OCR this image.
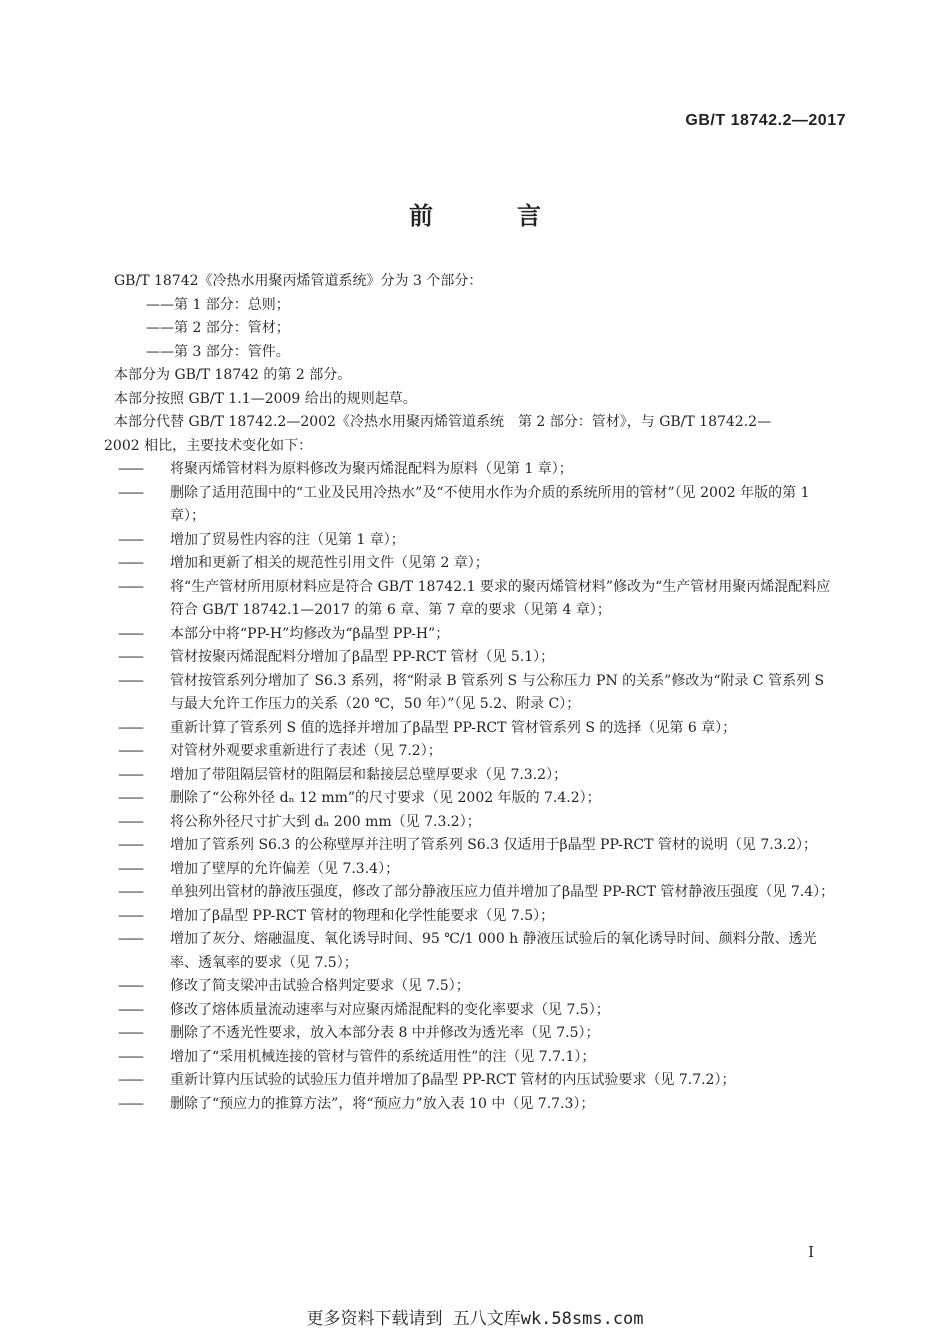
GB/T 18742.2—2017
前　言

GB/T 18742《冷热水用聚丙烯管道系统》分为 3 个部分：

——第 1 部分：总则；

——第 2 部分：管材；

——第 3 部分：管件。

本部分为 GB/T 18742 的第 2 部分。

本部分按照 GB/T 1.1—2009 给出的规则起草。

本部分代替 GB/T 18742.2—2002《冷热水用聚丙烯管道系统　第 2 部分：管材》，与 GB/T 18742.2—

2002 相比，主要技术变化如下：

—— 将聚丙烯管材料为原料修改为聚丙烯混配料为原料（见第 1 章）；

—— 删除了适用范围中的“工业及民用冷热水”及“不使用水作为介质的系统所用的管材”（见 2002 年版的第 1 章）；

—— 增加了贸易性内容的注（见第 1 章）；

—— 增加和更新了相关的规范性引用文件（见第 2 章）；

—— 将“生产管材所用原材料应是符合 GB/T 18742.1 要求的聚丙烯管材料”修改为“生产管材用聚丙烯混配料应符合 GB/T 18742.1—2017 的第 6 章、第 7 章的要求（见第 4 章）；

—— 本部分中将“PP-H”均修改为“β晶型 PP-H”；

—— 管材按聚丙烯混配料分增加了β晶型 PP-RCT 管材（见 5.1）；

—— 管材按管系列分增加了 S6.3 系列，将“附录 B 管系列 S 与公称压力 PN 的关系”修改为“附录 C 管系列 S 与最大允许工作压力的关系（20 ℃，50 年）”（见 5.2、附录 C）；

—— 重新计算了管系列 S 值的选择并增加了β晶型 PP-RCT 管材管系列 S 的选择（见第 6 章）；

—— 对管材外观要求重新进行了表述（见 7.2）；

—— 增加了带阻隔层管材的阻隔层和黏接层总壁厚要求（见 7.3.2）；

—— 删除了“公称外径 dₙ 12 mm”的尺寸要求（见 2002 年版的 7.4.2）；

—— 将公称外径尺寸扩大到 dₙ 200 mm（见 7.3.2）；

—— 增加了管系列 S6.3 的公称壁厚并注明了管系列 S6.3 仅适用于β晶型 PP-RCT 管材的说明（见 7.3.2）；

—— 增加了壁厚的允许偏差（见 7.3.4）；

—— 单独列出管材的静液压强度，修改了部分静液压应力值并增加了β晶型 PP-RCT 管材静液压强度（见 7.4）；

—— 增加了β晶型 PP-RCT 管材的物理和化学性能要求（见 7.5）；

—— 增加了灰分、熔融温度、氧化诱导时间、95 ℃/1 000 h 静液压试验后的氧化诱导时间、颜料分散、透光率、透氧率的要求（见 7.5）；

—— 修改了简支梁冲击试验合格判定要求（见 7.5）；

—— 修改了熔体质量流动速率与对应聚丙烯混配料的变化率要求（见 7.5）；

—— 删除了不透光性要求，放入本部分表 8 中并修改为透光率（见 7.5）；

—— 增加了“采用机械连接的管材与管件的系统适用性”的注（见 7.7.1）；

—— 重新计算内压试验的试验压力值并增加了β晶型 PP-RCT 管材的内压试验要求（见 7.7.2）；

—— 删除了“预应力的推算方法”，将“预应力”放入表 10 中（见 7.7.3）；

I
更多资料下载请到 五八文库wk.58sms.com
